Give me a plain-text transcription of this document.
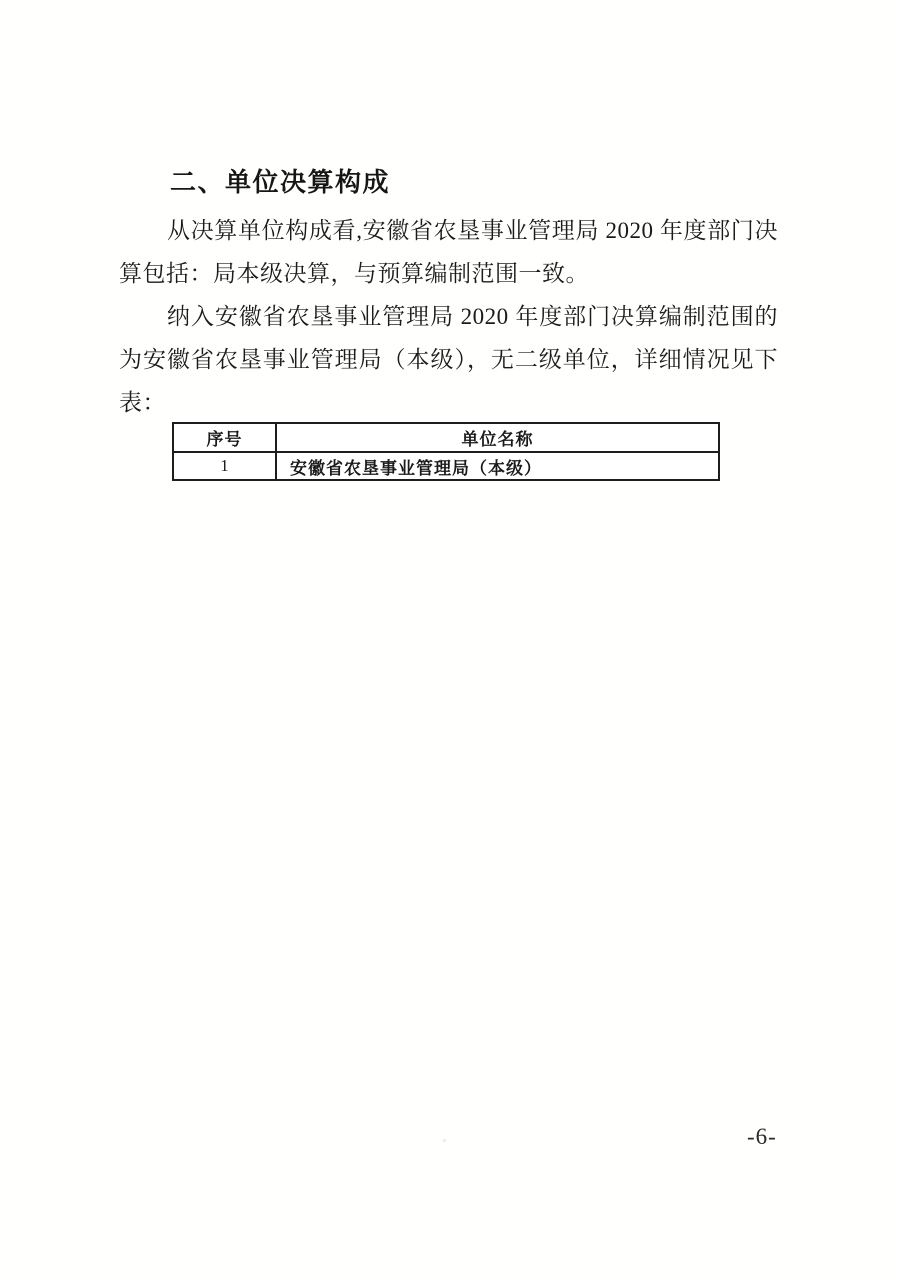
二、单位决算构成
从决算单位构成看,安徽省农垦事业管理局 2020 年度部门决
算包括：局本级决算，与预算编制范围一致。
纳入安徽省农垦事业管理局 2020 年度部门决算编制范围的
为安徽省农垦事业管理局（本级），无二级单位，详细情况见下
表：
序号	单位名称
1	安徽省农垦事业管理局（本级）
-6-
